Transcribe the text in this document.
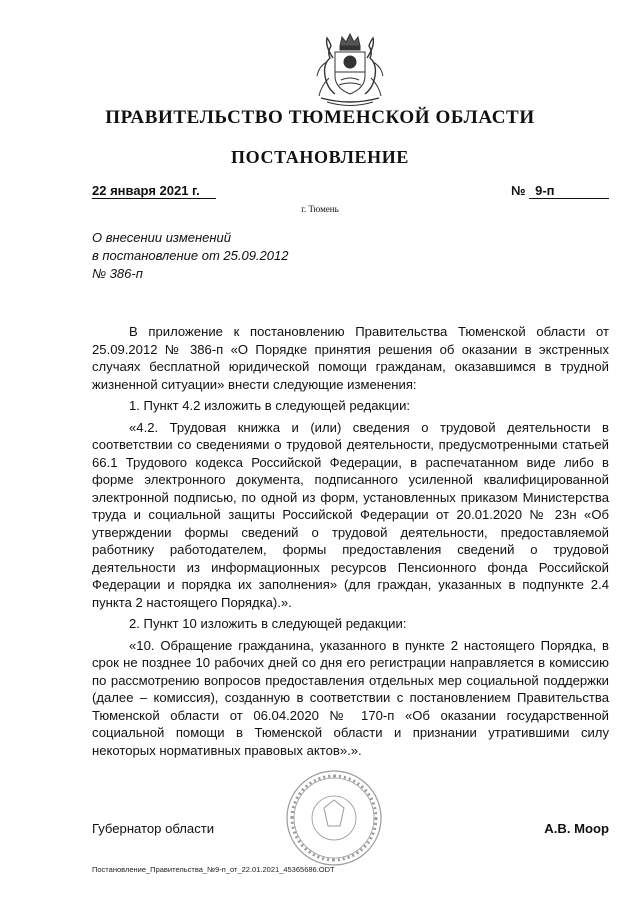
ПРАВИТЕЛЬСТВО ТЮМЕНСКОЙ ОБЛАСТИ
ПОСТАНОВЛЕНИЕ
22 января 2021 г.	№ 9-п
г. Тюмень
О внесении изменений
в постановление от 25.09.2012
№ 386-п

В приложение к постановлению Правительства Тюменской области от 25.09.2012 № 386-п «О Порядке принятия решения об оказании в экстренных случаях бесплатной юридической помощи гражданам, оказавшимся в трудной жизненной ситуации» внести следующие изменения:

1. Пункт 4.2 изложить в следующей редакции:

«4.2. Трудовая книжка и (или) сведения о трудовой деятельности в соответствии со сведениями о трудовой деятельности, предусмотренными статьей 66.1 Трудового кодекса Российской Федерации, в распечатанном виде либо в форме электронного документа, подписанного усиленной квалифицированной электронной подписью, по одной из форм, установленных приказом Министерства труда и социальной защиты Российской Федерации от 20.01.2020 № 23н «Об утверждении формы сведений о трудовой деятельности, предоставляемой работнику работодателем, формы предоставления сведений о трудовой деятельности из информационных ресурсов Пенсионного фонда Российской Федерации и порядка их заполнения» (для граждан, указанных в подпункте 2.4 пункта 2 настоящего Порядка).».

2. Пункт 10 изложить в следующей редакции:

«10. Обращение гражданина, указанного в пункте 2 настоящего Порядка, в срок не позднее 10 рабочих дней со дня его регистрации направляется в комиссию по рассмотрению вопросов предоставления отдельных мер социальной поддержки (далее – комиссия), созданную в соответствии с постановлением Правительства Тюменской области от 06.04.2020 № 170-п «Об оказании государственной социальной помощи в Тюменской области и признании утратившими силу некоторых нормативных правовых актов».».

Губернатор области	А.В. Моор
Постановление_Правительства_№9-п_от_22.01.2021_45365686.ODT
